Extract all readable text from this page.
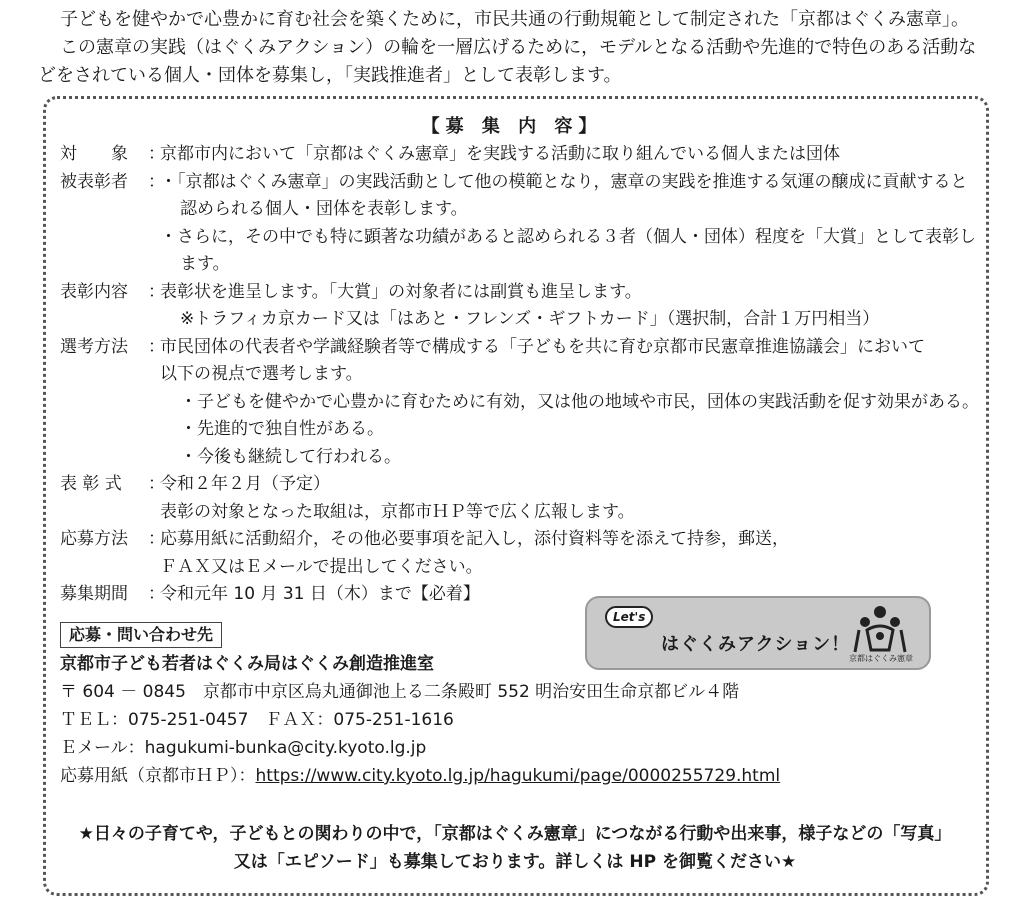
子どもを健やかで心豊かに育む社会を築くために，市民共通の行動規範として制定された「京都はぐくみ憲章」。

この憲章の実践（はぐくみアクション）の輪を一層広げるために，モデルとなる活動や先進的で特色のある活動な

どをされている個人・団体を募集し，「実践推進者」として表彰します。

【募 集 内 容】
対　　象	：

京都市内において「京都はぐくみ憲章」を実践する活動に取り組んでいる個人または団体

被表彰者	：

・「京都はぐくみ憲章」の実践活動として他の模範となり，憲章の実践を推進する気運の醸成に貢献すると認められる個人・団体を表彰します。

・さらに，その中でも特に顕著な功績があると認められる３者（個人・団体）程度を「大賞」として表彰します。

表彰内容	：

表彰状を進呈します。「大賞」の対象者には副賞も進呈します。

※トラフィカ京カード又は「はあと・フレンズ・ギフトカード」（選択制，合計１万円相当）

選考方法	：

市民団体の代表者や学識経験者等で構成する「子どもを共に育む京都市民憲章推進協議会」において

以下の視点で選考します。

・子どもを健やかで心豊かに育むために有効，又は他の地域や市民，団体の実践活動を促す効果がある。

・先進的で独自性がある。

・今後も継続して行われる。

表 彰 式	：

令和２年２月（予定）

表彰の対象となった取組は，京都市ＨＰ等で広く広報します。

応募方法	：

応募用紙に活動紹介，その他必要事項を記入し，添付資料等を添えて持参，郵送，

ＦＡＸ又はＥメールで提出してください。

募集期間	：

令和元年 10 月 31 日（木）まで【必着】

応募・問い合わせ先
京都市子ども若者はぐくみ局はぐくみ創造推進室
〒 604 － 0845　京都市中京区烏丸通御池上る二条殿町 552 明治安田生命京都ビル４階
ＴＥＬ：075-251-0457　ＦＡＸ：075-251-1616
Ｅメール：hagukumi-bunka@city.kyoto.lg.jp
応募用紙（京都市ＨＰ）：https://www.city.kyoto.lg.jp/hagukumi/page/0000255729.html
Let's
はぐくみアクション！
京都はぐくみ憲章
★日々の子育てや，子どもとの関わりの中で，「京都はぐくみ憲章」につながる行動や出来事，様子などの「写真」
又は「エピソード」も募集しております。詳しくは HP を御覧ください★
